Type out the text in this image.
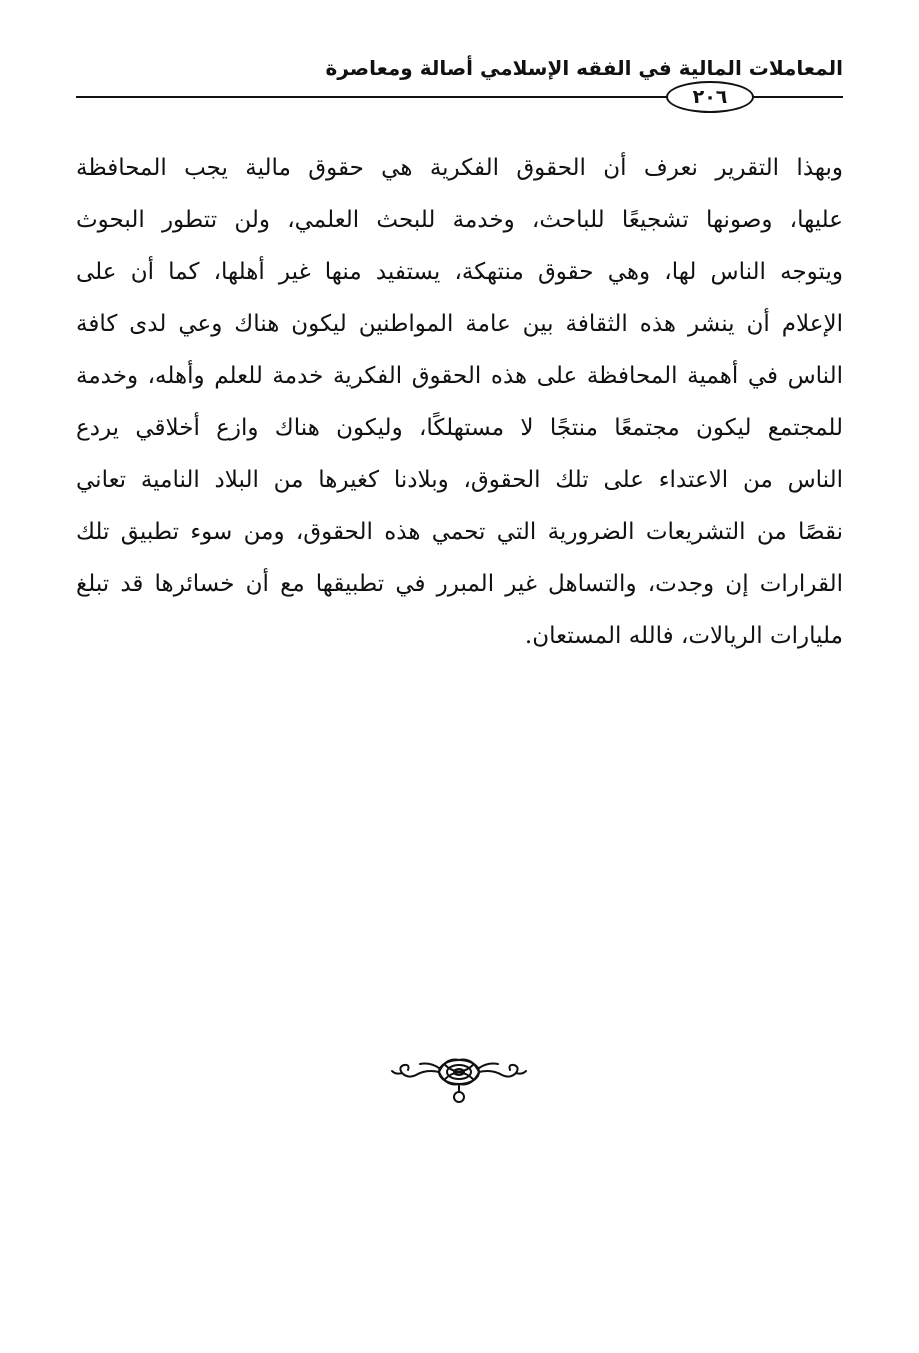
المعاملات المالية في الفقه الإسلامي أصالة ومعاصرة
٢٠٦
وبهذا التقرير نعرف أن الحقوق الفكرية هي حقوق مالية يجب المحافظة
عليها، وصونها تشجيعًا للباحث، وخدمة للبحث العلمي، ولن تتطور البحوث
ويتوجه الناس لها، وهي حقوق منتهكة، يستفيد منها غير أهلها، كما أن على
الإعلام أن ينشر هذه الثقافة بين عامة المواطنين ليكون هناك وعي لدى كافة
الناس في أهمية المحافظة على هذه الحقوق الفكرية خدمة للعلم وأهله، وخدمة
للمجتمع ليكون مجتمعًا منتجًا لا مستهلكًا، وليكون هناك وازع أخلاقي يردع
الناس من الاعتداء على تلك الحقوق، وبلادنا كغيرها من البلاد النامية تعاني
نقصًا من التشريعات الضرورية التي تحمي هذه الحقوق، ومن سوء تطبيق تلك
القرارات إن وجدت، والتساهل غير المبرر في تطبيقها مع أن خسائرها قد تبلغ
مليارات الريالات، فالله المستعان.
